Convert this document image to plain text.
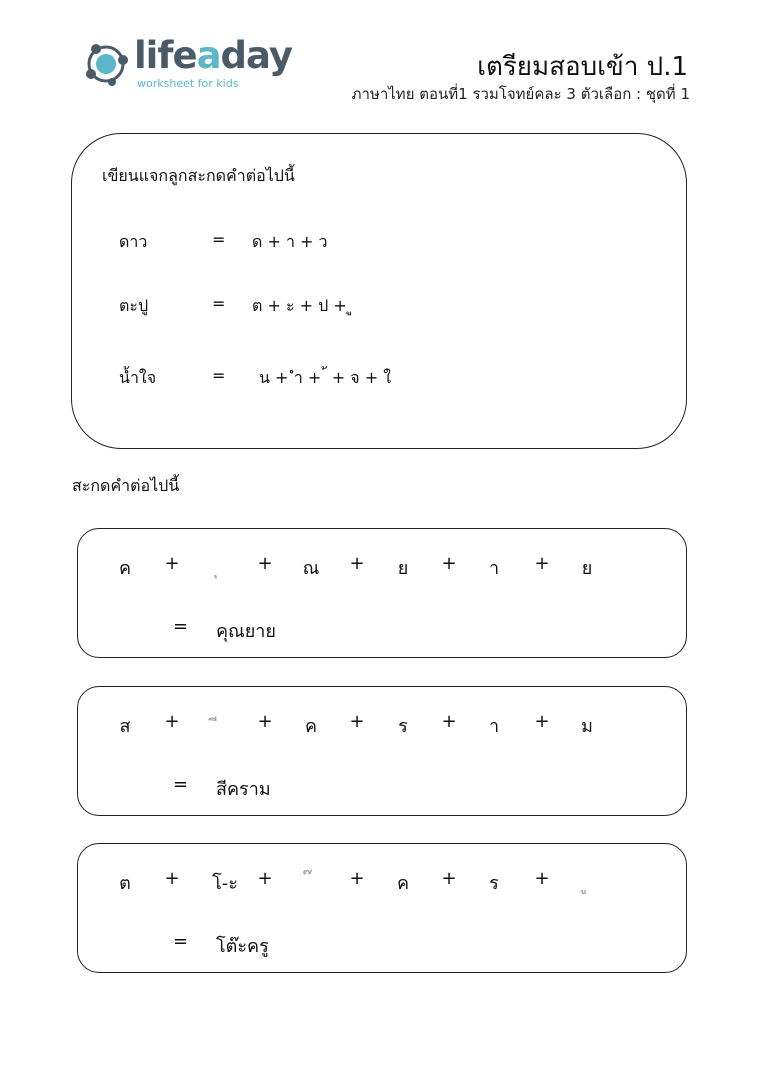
lifeaday
worksheet for kids
เตรียมสอบเข้า ป.1
ภาษาไทย ตอนที่1 รวมโจทย์คละ 3 ตัวเลือก : ชุดที่ 1
เขียนแจกลูกสะกดคำต่อไปนี้
ดาว	= ด + า + ว
ตะปู	= ต + ะ + ป + ู
น้ำใจ	= น + ำ + ้ + จ + ใ
สะกดคำต่อไปนี้
ค	+	+	ณ	+	ย	+	า	+	ย
= คุณยาย
ส	+	+	ค	+	ร	+	า	+	ม
= สีคราม
ต	+	โ-ะ	+	+	ค	+	ร	+
= โต๊ะครู
